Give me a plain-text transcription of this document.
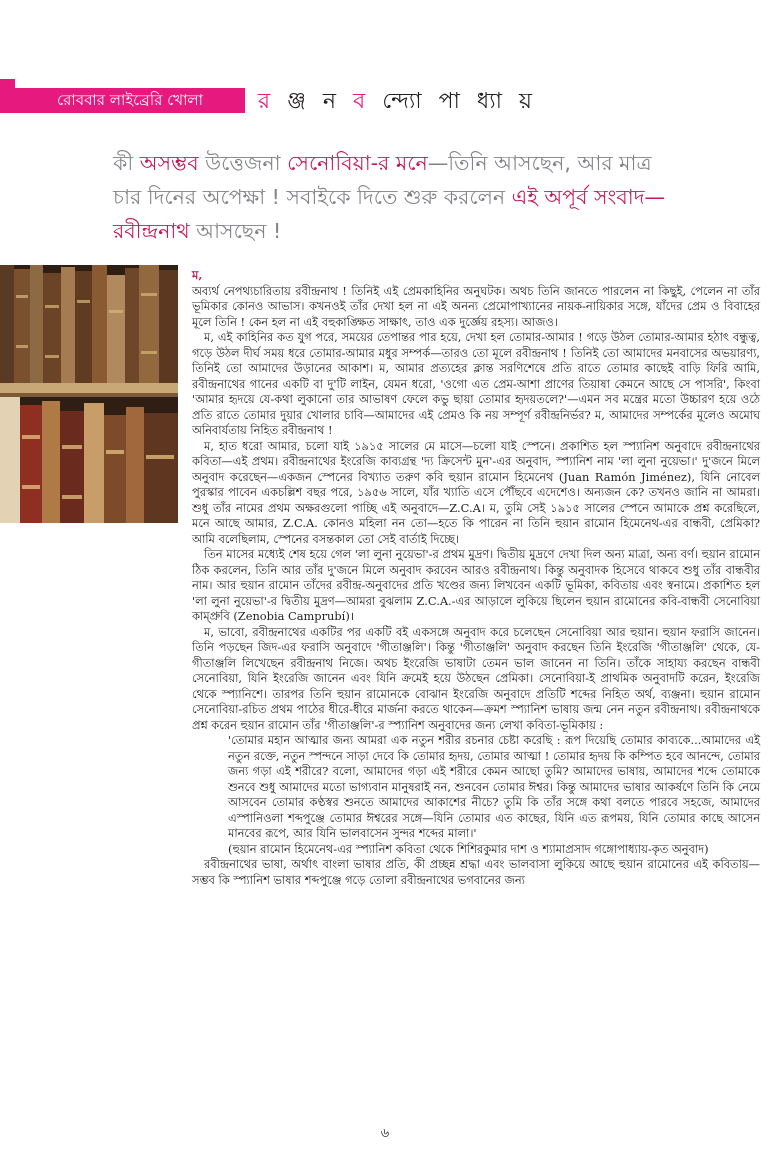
রোববার লাইব্রেরি খোলা	র ঞ্জ ন ব ন্দ্যো পা ধ্যা য়
কী অসম্ভব উত্তেজনা সেনোবিয়া-র মনে—তিনি আসছেন, আর মাত্র চার দিনের অপেক্ষা ! সবাইকে দিতে শুরু করলেন এই অপূর্ব সংবাদ—রবীন্দ্রনাথ আসছেন !

ম,

অব্যর্থ নেপথ্যচারিতায় রবীন্দ্রনাথ ! তিনিই এই প্রেমকাহিনির অনুঘটক। অথচ তিনি জানতে পারলেন না কিছুই, পেলেন না তাঁর ভূমিকার কোনও আভাস। কখনওই তাঁর দেখা হল না এই অনন্য প্রেমোপাখ্যানের নায়ক-নায়িকার সঙ্গে, যাঁদের প্রেম ও বিবাহের মূলে তিনি ! কেন হল না এই বহুকাঙ্ক্ষিত সাক্ষাৎ, তাও এক দুর্জ্ঞেয় রহস্য। আজও।

ম, এই কাহিনির কত যুগ পরে, সময়ের তেপান্তর পার হয়ে, দেখা হল তোমার-আমার ! গড়ে উঠল তোমার-আমার হঠাৎ বন্ধুত্ব, গড়ে উঠল দীর্ঘ সময় ধরে তোমার-আমার মধুর সম্পর্ক—তারও তো মূলে রবীন্দ্রনাথ ! তিনিই তো আমাদের মনবাসের অভয়ারণ্য, তিনিই তো আমাদের উড়ানের আকাশ। ম, আমার প্রত্যহের ক্লান্ত সরণিশেষে প্রতি রাতে তোমার কাছেই বাড়ি ফিরি আমি, রবীন্দ্রনাথের গানের একটি বা দু'টি লাইন, যেমন ধরো, 'ওগো এত প্রেম-আশা প্রাণের তিয়াষা কেমনে আছে সে পাসরি', কিংবা 'আমার হৃদয়ে যে-কথা লুকানো তার আভাষণ ফেলে কভু ছায়া তোমার হৃদয়তলে?'—এমন সব মন্ত্রের মতো উচ্চারণ হয়ে ওঠে প্রতি রাতে তোমার দুয়ার খোলার চাবি—আমাদের এই প্রেমও কি নয় সম্পূর্ণ রবীন্দ্রনির্ভর? ম, আমাদের সম্পর্কের মূলেও অমোঘ অনিবার্যতায় নিহিত রবীন্দ্রনাথ !

ম, হাত ধরো আমার, চলো যাই ১৯১৫ সালের মে মাসে—চলো যাই স্পেনে। প্রকাশিত হল স্প্যানিশ অনুবাদে রবীন্দ্রনাথের কবিতা—এই প্রথম। রবীন্দ্রনাথের ইংরেজি কাব্যগ্রন্থ 'দ্য ক্রিসেন্ট মুন'-এর অনুবাদ, স্প্যানিশ নাম 'লা লুনা নুয়েভা।' দু'জনে মিলে অনুবাদ করেছেন—একজন স্পেনের বিখ্যাত তরুণ কবি হুয়ান রামোন হিমেনেথ (Juan Ramón Jiménez), যিনি নোবেল পুরস্কার পাবেন একচল্লিশ বছর পরে, ১৯৫৬ সালে, যাঁর খ্যাতি এসে পৌঁছবে এদেশেও। অন্যজন কে? তখনও জানি না আমরা। শুধু তাঁর নামের প্রথম অক্ষরগুলো পাচ্ছি এই অনুবাদে—Z.C.A। ম, তুমি সেই ১৯১৫ সালের স্পেনে আমাকে প্রশ্ন করেছিলে, মনে আছে আমার, Z.C.A. কোনও মহিলা নন তো—হতে কি পারেন না তিনি হুয়ান রামোন হিমেনেথ-এর বান্ধবী, প্রেমিকা? আমি বলেছিলাম, স্পেনের বসন্তকাল তো সেই বার্তাই দিচ্ছে।

তিন মাসের মধ্যেই শেষ হয়ে গেল 'লা লুনা নুয়েভা'-র প্রথম মুদ্রণ। দ্বিতীয় মুদ্রণে দেখা দিল অন্য মাত্রা, অন্য বর্ণ। হুয়ান রামোন ঠিক করলেন, তিনি আর তাঁর দু'জনে মিলে অনুবাদ করবেন আরও রবীন্দ্রনাথ। কিন্তু অনুবাদক হিসেবে থাকবে শুধু তাঁর বান্ধবীর নাম। আর হুয়ান রামোন তাঁদের রবীন্দ্র-অনুবাদের প্রতি খণ্ডের জন্য লিখবেন একটি ভূমিকা, কবিতায় এবং স্বনামে। প্রকাশিত হল 'লা লুনা নুয়েভা'-র দ্বিতীয় মুদ্রণ—আমরা বুঝলাম Z.C.A.-এর আড়ালে লুকিয়ে ছিলেন হুয়ান রামোনের কবি-বান্ধবী সেনোবিয়া কাম্প্রুবি (Zenobia Camprubí)।

ম, ভাবো, রবীন্দ্রনাথের একটির পর একটি বই একসঙ্গে অনুবাদ করে চলেছেন সেনোবিয়া আর হুয়ান। হুয়ান ফরাসি জানেন। তিনি পড়ছেন জিদ-এর ফরাসি অনুবাদে 'গীতাঞ্জলি'। কিন্তু 'গীতাঞ্জলি' অনুবাদ করছেন তিনি ইংরেজি 'গীতাঞ্জলি' থেকে, যে-গীতাঞ্জলি লিখেছেন রবীন্দ্রনাথ নিজে। অথচ ইংরেজি ভাষাটা তেমন ভাল জানেন না তিনি। তাঁকে সাহায্য করছেন বান্ধবী সেনোবিয়া, যিনি ইংরেজি জানেন এবং যিনি ক্রমেই হয়ে উঠছেন প্রেমিকা। সেনোবিয়া-ই প্রাথমিক অনুবাদটি করেন, ইংরেজি থেকে স্প্যানিশে। তারপর তিনি হুয়ান রামোনকে বোঝান ইংরেজি অনুবাদে প্রতিটি শব্দের নিহিত অর্থ, ব্যঞ্জনা। হুয়ান রামোন সেনোবিয়া-রচিত প্রথম পাঠের ধীরে-ধীরে মার্জনা করতে থাকেন—ক্রমশ স্প্যানিশ ভাষায় জন্ম নেন নতুন রবীন্দ্রনাথ। রবীন্দ্রনাথকে প্রশ্ন করেন হুয়ান রামোন তাঁর 'গীতাঞ্জলি'-র স্প্যানিশ অনুবাদের জন্য লেখা কবিতা-ভূমিকায় :

'তোমার মহান আত্মার জন্য আমরা এক নতুন শরীর রচনার চেষ্টা করেছি : রূপ দিয়েছি তোমার কাব্যকে...আমাদের এই নতুন রক্তে, নতুন স্পন্দনে সাড়া দেবে কি তোমার হৃদয়, তোমার আত্মা ! তোমার হৃদয় কি কম্পিত হবে আনন্দে, তোমার জন্য গড়া এই শরীরে? বলো, আমাদের গড়া এই শরীরে কেমন আছো তুমি? আমাদের ভাষায়, আমাদের শব্দে তোমাকে শুনবে শুধু আমাদের মতো ভাগ্যবান মানুষরাই নন, শুনবেন তোমার ঈশ্বর। কিন্তু আমাদের ভাষার আকর্ষণে তিনি কি নেমে আসবেন তোমার কণ্ঠস্বর শুনতে আমাদের আকাশের নীচে? তুমি কি তাঁর সঙ্গে কথা বলতে পারবে সহজে, আমাদের এস্পানিওলা শব্দপুঞ্জে তোমার ঈশ্বরের সঙ্গে—যিনি তোমার এত কাছের, যিনি এত রূপময়, যিনি তোমার কাছে আসেন মানবের রূপে, আর যিনি ভালবাসেন সুন্দর শব্দের মালা।'

(হুয়ান রামোন হিমেনেথ-এর স্প্যানিশ কবিতা থেকে শিশিরকুমার দাশ ও শ্যামাপ্রসাদ গঙ্গোপাধ্যায়-কৃত অনুবাদ)

রবীন্দ্রনাথের ভাষা, অর্থাৎ বাংলা ভাষার প্রতি, কী প্রচ্ছন্ন শ্রদ্ধা এবং ভালবাসা লুকিয়ে আছে হুয়ান রামোনের এই কবিতায়—সম্ভব কি স্প্যানিশ ভাষার শব্দপুঞ্জে গড়ে তোলা রবীন্দ্রনাথের ভগবানের জন্য

৬
